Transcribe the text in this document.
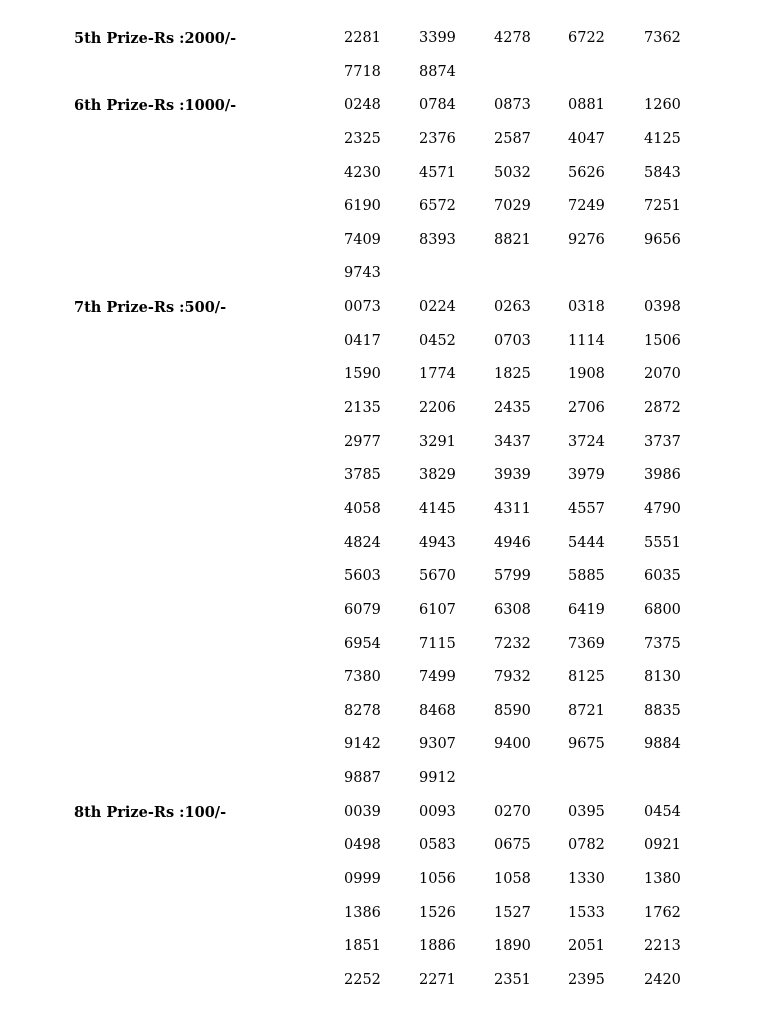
5th Prize-Rs :2000/-	2281	3399	4278	6722	7362
7718	8874
6th Prize-Rs :1000/-	0248	0784	0873	0881	1260
2325	2376	2587	4047	4125
4230	4571	5032	5626	5843
6190	6572	7029	7249	7251
7409	8393	8821	9276	9656
9743
7th Prize-Rs :500/-	0073	0224	0263	0318	0398
0417	0452	0703	1114	1506
1590	1774	1825	1908	2070
2135	2206	2435	2706	2872
2977	3291	3437	3724	3737
3785	3829	3939	3979	3986
4058	4145	4311	4557	4790
4824	4943	4946	5444	5551
5603	5670	5799	5885	6035
6079	6107	6308	6419	6800
6954	7115	7232	7369	7375
7380	7499	7932	8125	8130
8278	8468	8590	8721	8835
9142	9307	9400	9675	9884
9887	9912
8th Prize-Rs :100/-	0039	0093	0270	0395	0454
0498	0583	0675	0782	0921
0999	1056	1058	1330	1380
1386	1526	1527	1533	1762
1851	1886	1890	2051	2213
2252	2271	2351	2395	2420
